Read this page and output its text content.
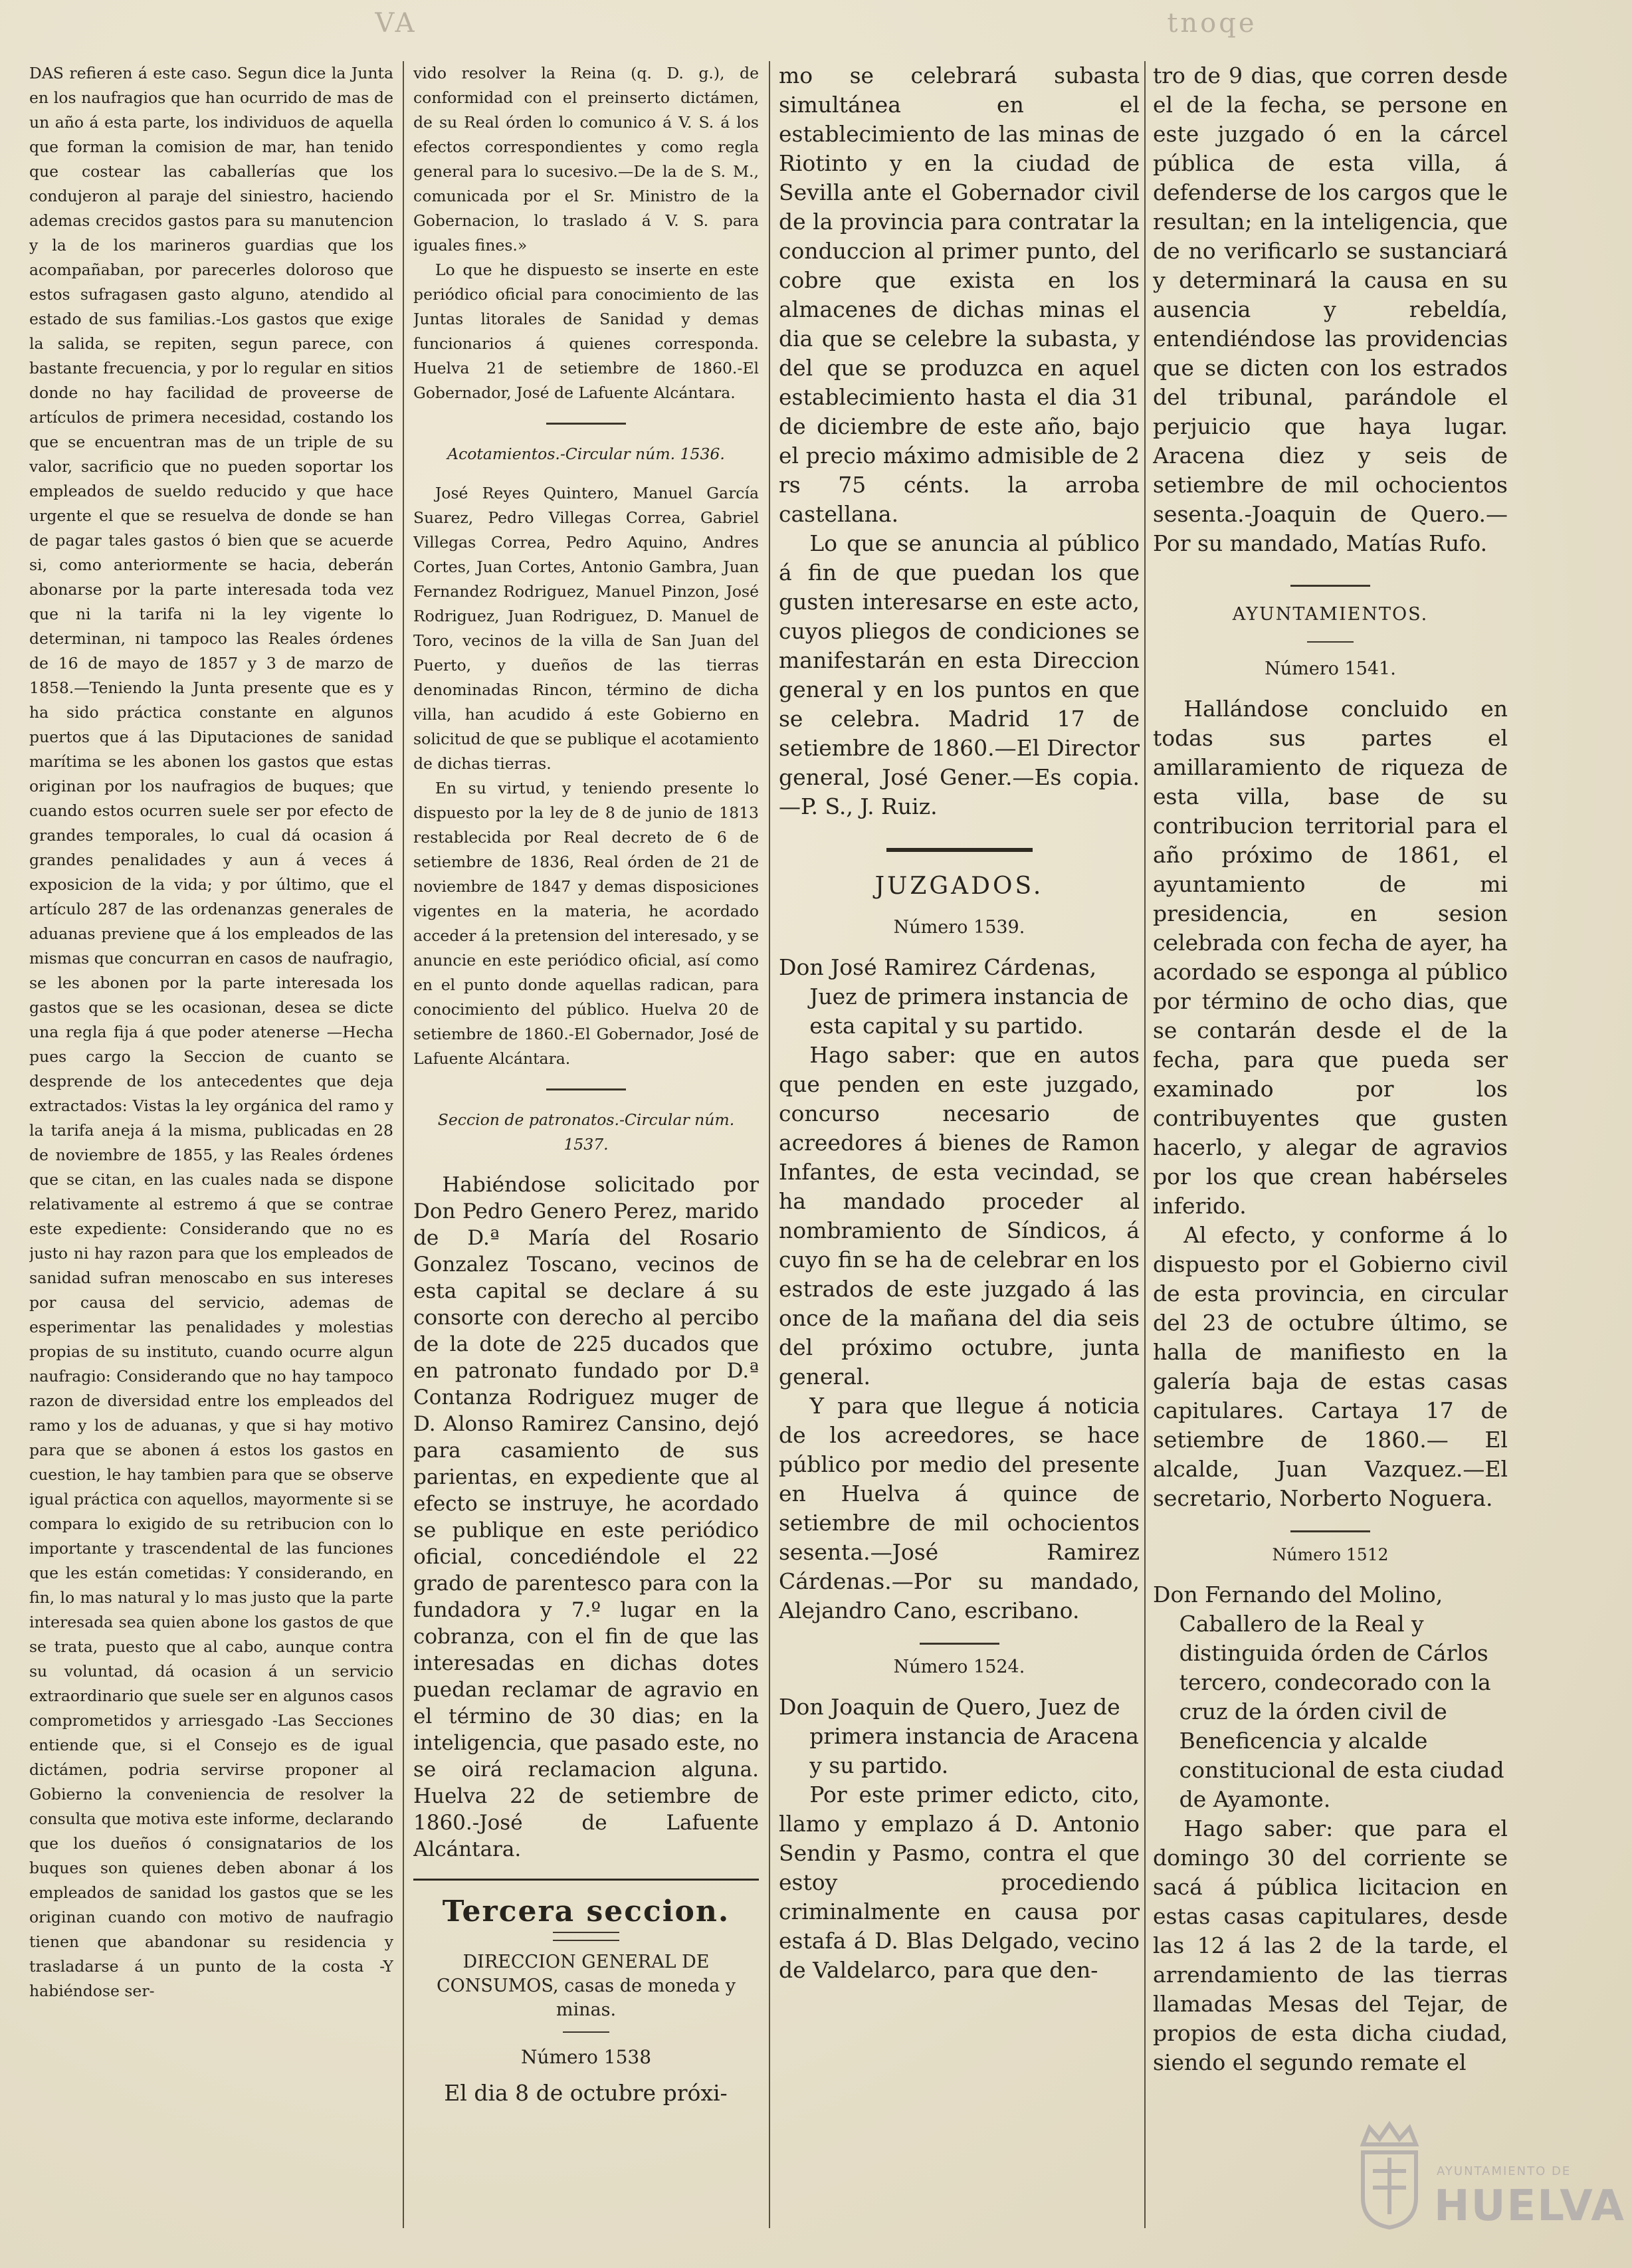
VA	tnoqe

DAS refieren á este caso. Segun dice la Junta en los naufragios que han ocurrido de mas de un año á esta parte, los individuos de aquella que forman la comision de mar, han tenido que costear las caballerías que los condujeron al paraje del siniestro, haciendo ademas crecidos gastos para su manutencion y la de los marineros guardias que los acompañaban, por parecerles doloroso que estos sufragasen gasto alguno, atendido al estado de sus familias.-Los gastos que exige la salida, se repiten, segun parece, con bastante frecuencia, y por lo regular en sitios donde no hay facilidad de proveerse de artículos de primera necesidad, costando los que se encuentran mas de un triple de su valor, sacrificio que no pueden soportar los empleados de sueldo reducido y que hace urgente el que se resuelva de donde se han de pagar tales gastos ó bien que se acuerde si, como anteriormente se hacia, deberán abonarse por la parte interesada toda vez que ni la tarifa ni la ley vigente lo determinan, ni tampoco las Reales órdenes de 16 de mayo de 1857 y 3 de marzo de 1858.—Teniendo la Junta presente que es y ha sido práctica constante en algunos puertos que á las Diputaciones de sanidad marítima se les abonen los gastos que estas originan por los naufragios de buques; que cuando estos ocurren suele ser por efecto de grandes temporales, lo cual dá ocasion á grandes penalidades y aun á veces á exposicion de la vida; y por último, que el artículo 287 de las ordenanzas generales de aduanas previene que á los empleados de las mismas que concurran en casos de naufragio, se les abonen por la parte interesada los gastos que se les ocasionan, desea se dicte una regla fija á que poder atenerse —Hecha pues cargo la Seccion de cuanto se desprende de los antecedentes que deja extractados: Vistas la ley orgánica del ramo y la tarifa aneja á la misma, publicadas en 28 de noviembre de 1855, y las Reales órdenes que se citan, en las cuales nada se dispone relativamente al estremo á que se contrae este expediente: Considerando que no es justo ni hay razon para que los empleados de sanidad sufran menoscabo en sus intereses por causa del servicio, ademas de esperimentar las penalidades y molestias propias de su instituto, cuando ocurre algun naufragio: Considerando que no hay tampoco razon de diversidad entre los empleados del ramo y los de aduanas, y que si hay motivo para que se abonen á estos los gastos en cuestion, le hay tambien para que se observe igual práctica con aquellos, mayormente si se compara lo exigido de su retribucion con lo importante y trascendental de las funciones que les están cometidas: Y considerando, en fin, lo mas natural y lo mas justo que la parte interesada sea quien abone los gastos de que se trata, puesto que al cabo, aunque contra su voluntad, dá ocasion á un servicio extraordinario que suele ser en algunos casos comprometidos y arriesgado -Las Secciones entiende que, si el Consejo es de igual dictámen, podria servirse proponer al Gobierno la conveniencia de resolver la consulta que motiva este informe, declarando que los dueños ó consignatarios de los buques son quienes deben abonar á los empleados de sanidad los gastos que se les originan cuando con motivo de naufragio tienen que abandonar su residencia y trasladarse á un punto de la costa -Y habiéndose ser-

vido resolver la Reina (q. D. g.), de conformidad con el preinserto dictámen, de su Real órden lo comunico á V. S. á los efectos correspondientes y como regla general para lo sucesivo.—De la de S. M., comunicada por el Sr. Ministro de la Gobernacion, lo traslado á V. S. para iguales fines.»

Lo que he dispuesto se inserte en este periódico oficial para conocimiento de las Juntas litorales de Sanidad y demas funcionarios á quienes corresponda. Huelva 21 de setiembre de 1860.-El Gobernador, José de Lafuente Alcántara.

Acotamientos.-Circular núm. 1536.

José Reyes Quintero, Manuel García Suarez, Pedro Villegas Correa, Gabriel Villegas Correa, Pedro Aquino, Andres Cortes, Juan Cortes, Antonio Gambra, Juan Fernandez Rodriguez, Manuel Pinzon, José Rodriguez, Juan Rodriguez, D. Manuel de Toro, vecinos de la villa de San Juan del Puerto, y dueños de las tierras denominadas Rincon, término de dicha villa, han acudido á este Gobierno en solicitud de que se publique el acotamiento de dichas tierras.

En su virtud, y teniendo presente lo dispuesto por la ley de 8 de junio de 1813 restablecida por Real decreto de 6 de setiembre de 1836, Real órden de 21 de noviembre de 1847 y demas disposiciones vigentes en la materia, he acordado acceder á la pretension del interesado, y se anuncie en este periódico oficial, así como en el punto donde aquellas radican, para conocimiento del público. Huelva 20 de setiembre de 1860.-El Gobernador, José de Lafuente Alcántara.

Seccion de patronatos.-Circular núm. 1537.

Habiéndose solicitado por Don Pedro Genero Perez, marido de D.ª María del Rosario Gonzalez Toscano, vecinos de esta capital se declare á su consorte con derecho al percibo de la dote de 225 ducados que en patronato fundado por D.ª Contanza Rodriguez muger de D. Alonso Ramirez Cansino, dejó para casamiento de sus parientas, en expediente que al efecto se instruye, he acordado se publique en este periódico oficial, concediéndole el 22 grado de parentesco para con la fundadora y 7.º lugar en la cobranza, con el fin de que las interesadas en dichas dotes puedan reclamar de agravio en el término de 30 dias; en la inteligencia, que pasado este, no se oirá reclamacion alguna. Huelva 22 de setiembre de 1860.-José de Lafuente Alcántara.

Tercera seccion.
DIRECCION GENERAL DE CONSUMOS, casas de moneda y minas.
Número 1538

El dia 8 de octubre próxi-

mo se celebrará subasta simultánea en el establecimiento de las minas de Riotinto y en la ciudad de Sevilla ante el Gobernador civil de la provincia para contratar la conduccion al primer punto, del cobre que exista en los almacenes de dichas minas el dia que se celebre la subasta, y del que se produzca en aquel establecimiento hasta el dia 31 de diciembre de este año, bajo el precio máximo admisible de 2 rs 75 cénts. la arroba castellana.

Lo que se anuncia al público á fin de que puedan los que gusten interesarse en este acto, cuyos pliegos de condiciones se manifestarán en esta Direccion general y en los puntos en que se celebra. Madrid 17 de setiembre de 1860.—El Director general, José Gener.—Es copia.—P. S., J. Ruiz.

JUZGADOS.
Número 1539.

Don José Ramirez Cárdenas, Juez de primera instancia de esta capital y su partido.

Hago saber: que en autos que penden en este juzgado, concurso necesario de acreedores á bienes de Ramon Infantes, de esta vecindad, se ha mandado proceder al nombramiento de Síndicos, á cuyo fin se ha de celebrar en los estrados de este juzgado á las once de la mañana del dia seis del próximo octubre, junta general.

Y para que llegue á noticia de los acreedores, se hace público por medio del presente en Huelva á quince de setiembre de mil ochocientos sesenta.—José Ramirez Cárdenas.—Por su mandado, Alejandro Cano, escribano.

Número 1524.

Don Joaquin de Quero, Juez de primera instancia de Aracena y su partido.

Por este primer edicto, cito, llamo y emplazo á D. Antonio Sendin y Pasmo, contra el que estoy procediendo criminalmente en causa por estafa á D. Blas Delgado, vecino de Valdelarco, para que den-

tro de 9 dias, que corren desde el de la fecha, se persone en este juzgado ó en la cárcel pública de esta villa, á defenderse de los cargos que le resultan; en la inteligencia, que de no verificarlo se sustanciará y determinará la causa en su ausencia y rebeldía, entendiéndose las providencias que se dicten con los estrados del tribunal, parándole el perjuicio que haya lugar. Aracena diez y seis de setiembre de mil ochocientos sesenta.-Joaquin de Quero.—Por su mandado, Matías Rufo.

AYUNTAMIENTOS.
Número 1541.

Hallándose concluido en todas sus partes el amillaramiento de riqueza de esta villa, base de su contribucion territorial para el año próximo de 1861, el ayuntamiento de mi presidencia, en sesion celebrada con fecha de ayer, ha acordado se esponga al público por término de ocho dias, que se contarán desde el de la fecha, para que pueda ser examinado por los contribuyentes que gusten hacerlo, y alegar de agravios por los que crean habérseles inferido.

Al efecto, y conforme á lo dispuesto por el Gobierno civil de esta provincia, en circular del 23 de octubre último, se halla de manifiesto en la galería baja de estas casas capitulares. Cartaya 17 de setiembre de 1860.— El alcalde, Juan Vazquez.—El secretario, Norberto Noguera.

Número 1512

Don Fernando del Molino, Caballero de la Real y distinguida órden de Cárlos tercero, condecorado con la cruz de la órden civil de Beneficencia y alcalde constitucional de esta ciudad de Ayamonte.

Hago saber: que para el domingo 30 del corriente se sacá á pública licitacion en estas casas capitulares, desde las 12 á las 2 de la tarde, el arrendamiento de las tierras llamadas Mesas del Tejar, de propios de esta dicha ciudad, siendo el segundo remate el

AYUNTAMIENTO DE
HUELVA
